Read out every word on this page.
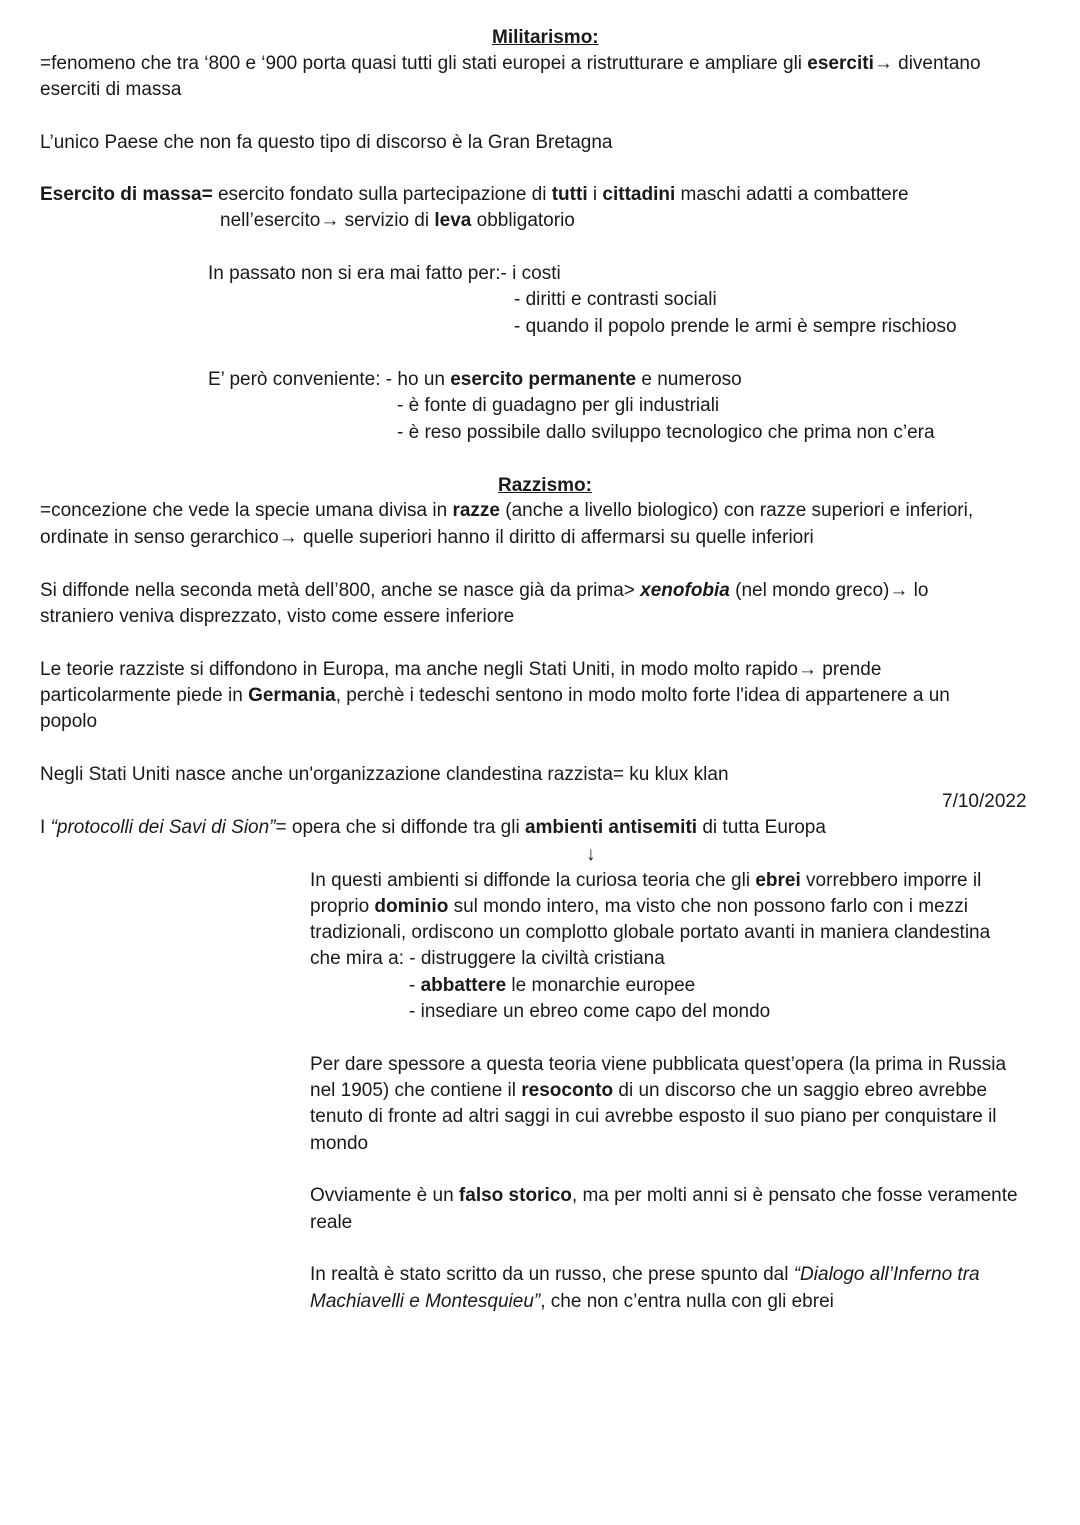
Militarismo:
=fenomeno che tra ‘800 e ‘900 porta quasi tutti gli stati europei a ristrutturare e ampliare gli eserciti→ diventano
eserciti di massa
L’unico Paese che non fa questo tipo di discorso è la Gran Bretagna
Esercito di massa= esercito fondato sulla partecipazione di tutti i cittadini maschi adatti a combattere
nell’esercito→ servizio di leva obbligatorio
In passato non si era mai fatto per:- i costi
- diritti e contrasti sociali
- quando il popolo prende le armi è sempre rischioso
E’ però conveniente: - ho un esercito permanente e numeroso
- è fonte di guadagno per gli industriali
- è reso possibile dallo sviluppo tecnologico che prima non c’era
Razzismo:
=concezione che vede la specie umana divisa in razze (anche a livello biologico) con razze superiori e inferiori,
ordinate in senso gerarchico→ quelle superiori hanno il diritto di affermarsi su quelle inferiori
Si diffonde nella seconda metà dell’800, anche se nasce già da prima> xenofobia (nel mondo greco)→ lo
straniero veniva disprezzato, visto come essere inferiore
Le teorie razziste si diffondono in Europa, ma anche negli Stati Uniti, in modo molto rapido→ prende
particolarmente piede in Germania, perchè i tedeschi sentono in modo molto forte l'idea di appartenere a un
popolo
Negli Stati Uniti nasce anche un'organizzazione clandestina razzista= ku klux klan
7/10/2022
I “protocolli dei Savi di Sion”= opera che si diffonde tra gli ambienti antisemiti di tutta Europa
↓
In questi ambienti si diffonde la curiosa teoria che gli ebrei vorrebbero imporre il
proprio dominio sul mondo intero, ma visto che non possono farlo con i mezzi
tradizionali, ordiscono un complotto globale portato avanti in maniera clandestina
che mira a: - distruggere la civiltà cristiana
- abbattere le monarchie europee
- insediare un ebreo come capo del mondo
Per dare spessore a questa teoria viene pubblicata quest’opera (la prima in Russia
nel 1905) che contiene il resoconto di un discorso che un saggio ebreo avrebbe
tenuto di fronte ad altri saggi in cui avrebbe esposto il suo piano per conquistare il
mondo
Ovviamente è un falso storico, ma per molti anni si è pensato che fosse veramente
reale
In realtà è stato scritto da un russo, che prese spunto dal “Dialogo all’Inferno tra
Machiavelli e Montesquieu”, che non c’entra nulla con gli ebrei
